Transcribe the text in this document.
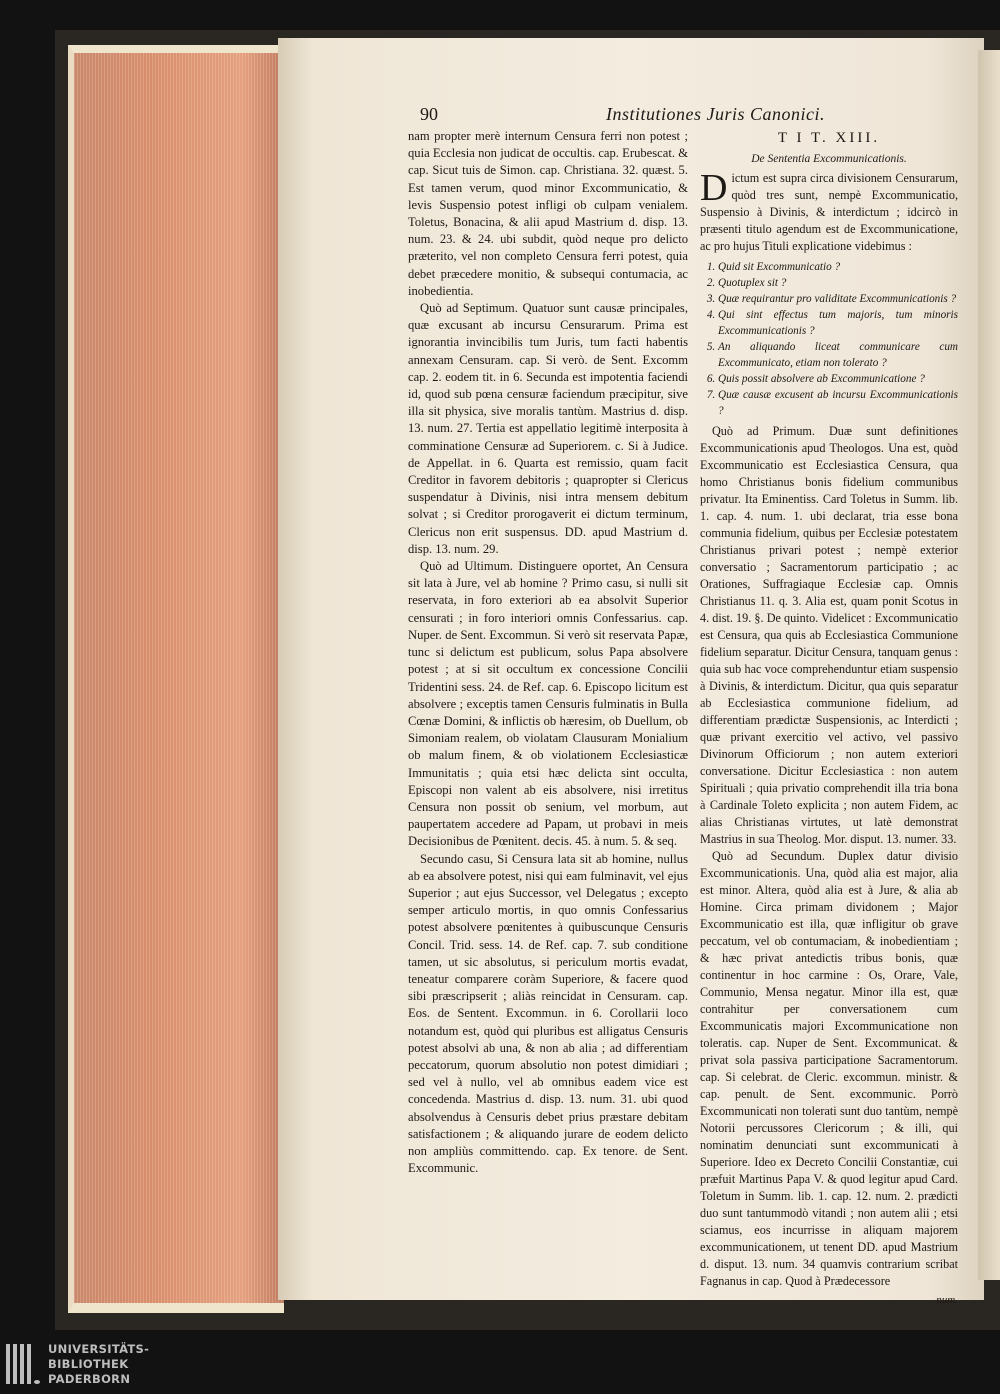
90	Institutiones Juris Canonici.

nam propter merè internum Censura ferri non potest ; quia Ecclesia non judicat de occultis. cap. Erubescat. & cap. Sicut tuis de Simon. cap. Christiana. 32. quæst. 5. Est tamen verum, quod minor Excommunicatio, & levis Suspensio potest infligi ob culpam venialem. Toletus, Bonacina, & alii apud Mastrium d. disp. 13. num. 23. & 24. ubi subdit, quòd neque pro delicto præterito, vel non completo Censura ferri potest, quia debet præcedere monitio, & subsequi contumacia, ac inobedientia.

Quò ad Septimum. Quatuor sunt causæ principales, quæ excusant ab incursu Censurarum. Prima est ignorantia invincibilis tum Juris, tum facti habentis annexam Censuram. cap. Si verò. de Sent. Excomm cap. 2. eodem tit. in 6. Secunda est impotentia faciendi id, quod sub pœna censuræ faciendum præcipitur, sive illa sit physica, sive moralis tantùm. Mastrius d. disp. 13. num. 27. Tertia est appellatio legitimè interposita à comminatione Censuræ ad Superiorem. c. Si à Judice. de Appellat. in 6. Quarta est remissio, quam facit Creditor in favorem debitoris ; quapropter si Clericus suspendatur à Divinis, nisi intra mensem debitum solvat ; si Creditor prorogaverit ei dictum terminum, Clericus non erit suspensus. DD. apud Mastrium d. disp. 13. num. 29.

Quò ad Ultimum. Distinguere oportet, An Censura sit lata à Jure, vel ab homine ? Primo casu, si nulli sit reservata, in foro exteriori ab ea absolvit Superior censurati ; in foro interiori omnis Confessarius. cap. Nuper. de Sent. Excommun. Si verò sit reservata Papæ, tunc si delictum est publicum, solus Papa absolvere potest ; at si sit occultum ex concessione Concilii Tridentini sess. 24. de Ref. cap. 6. Episcopo licitum est absolvere ; exceptis tamen Censuris fulminatis in Bulla Cœnæ Domini, & inflictis ob hæresim, ob Duellum, ob Simoniam realem, ob violatam Clausuram Monialium ob malum finem, & ob violationem Ecclesiasticæ Immunitatis ; quia etsi hæc delicta sint occulta, Episcopi non valent ab eis absolvere, nisi irretitus Censura non possit ob senium, vel morbum, aut paupertatem accedere ad Papam, ut probavi in meis Decisionibus de Pœnitent. decis. 45. à num. 5. & seq.

Secundo casu, Si Censura lata sit ab homine, nullus ab ea absolvere potest, nisi qui eam fulminavit, vel ejus Superior ; aut ejus Successor, vel Delegatus ; excepto semper articulo mortis, in quo omnis Confessarius potest absolvere pœnitentes à quibuscunque Censuris Concil. Trid. sess. 14. de Ref. cap. 7. sub conditione tamen, ut sic absolutus, si periculum mortis evadat, teneatur comparere coràm Superiore, & facere quod sibi præscripserit ; aliàs reincidat in Censuram. cap. Eos. de Sentent. Excommun. in 6. Corollarii loco notandum est, quòd qui pluribus est alligatus Censuris potest absolvi ab una, & non ab alia ; ad differentiam peccatorum, quorum absolutio non potest dimidiari ; sed vel à nullo, vel ab omnibus eadem vice est concedenda. Mastrius d. disp. 13. num. 31. ubi quod absolvendus à Censuris debet prius præstare debitam satisfactionem ; & aliquando jurare de eodem delicto non ampliùs committendo. cap. Ex tenore. de Sent. Excommunic.

T I T. XIII.
De Sententia Excommunicationis.

Dictum est supra circa divisionem Censurarum, quòd tres sunt, nempè Excommunicatio, Suspensio à Divinis, & interdictum ; idcircò in præsenti titulo agendum est de Excommunicatione, ac pro hujus Tituli explicatione videbimus :

1. Quid sit Excommunicatio ?
2. Quotuplex sit ?
3. Quæ requirantur pro validitate Excommunicationis ?
4. Qui sint effectus tum majoris, tum minoris Excommunicationis ?
5. An aliquando liceat communicare cum Excommunicato, etiam non tolerato ?
6. Quis possit absolvere ab Excommunicatione ?
7. Quæ causæ excusent ab incursu Excommunicationis ?

Quò ad Primum. Duæ sunt definitiones Excommunicationis apud Theologos. Una est, quòd Excommunicatio est Ecclesiastica Censura, qua homo Christianus bonis fidelium communibus privatur. Ita Eminentiss. Card Toletus in Summ. lib. 1. cap. 4. num. 1. ubi declarat, tria esse bona communia fidelium, quibus per Ecclesiæ potestatem Christianus privari potest ; nempè exterior conversatio ; Sacramentorum participatio ; ac Orationes, Suffragiaque Ecclesiæ cap. Omnis Christianus 11. q. 3. Alia est, quam ponit Scotus in 4. dist. 19. §. De quinto. Videlicet : Excommunicatio est Censura, qua quis ab Ecclesiastica Communione fidelium separatur. Dicitur Censura, tanquam genus : quia sub hac voce comprehenduntur etiam suspensio à Divinis, & interdictum. Dicitur, qua quis separatur ab Ecclesiastica communione fidelium, ad differentiam prædictæ Suspensionis, ac Interdicti ; quæ privant exercitio vel activo, vel passivo Divinorum Officiorum ; non autem exteriori conversatione. Dicitur Ecclesiastica : non autem Spirituali ; quia privatio comprehendit illa tria bona à Cardinale Toleto explicita ; non autem Fidem, ac alias Christianas virtutes, ut latè demonstrat Mastrius in sua Theolog. Mor. disput. 13. numer. 33.

Quò ad Secundum. Duplex datur divisio Excommunicationis. Una, quòd alia est major, alia est minor. Altera, quòd alia est à Jure, & alia ab Homine. Circa primam dividonem ; Major Excommunicatio est illa, quæ infligitur ob grave peccatum, vel ob contumaciam, & inobedientiam ; & hæc privat antedictis tribus bonis, quæ continentur in hoc carmine : Os, Orare, Vale, Communio, Mensa negatur. Minor illa est, quæ contrahitur per conversationem cum Excommunicatis majori Excommunicatione non toleratis. cap. Nuper de Sent. Excommunicat. & privat sola passiva participatione Sacramentorum. cap. Si celebrat. de Cleric. excommun. ministr. & cap. penult. de Sent. excommunic. Porrò Excommunicati non tolerati sunt duo tantùm, nempè Notorii percussores Clericorum ; & illi, qui nominatim denunciati sunt excommunicati à Superiore. Ideo ex Decreto Concilii Constantiæ, cui præfuit Martinus Papa V. & quod legitur apud Card. Toletum in Summ. lib. 1. cap. 12. num. 2. prædicti duo sunt tantummodò vitandi ; non autem alii ; etsi sciamus, eos incurrisse in aliquam majorem excommunicationem, ut tenent DD. apud Mastrium d. disput. 13. num. 34 quamvis contrarium scribat Fagnanus in cap. Quod à Prædecessore

num.
UNIVERSITÄTS-
BIBLIOTHEK
PADERBORN
